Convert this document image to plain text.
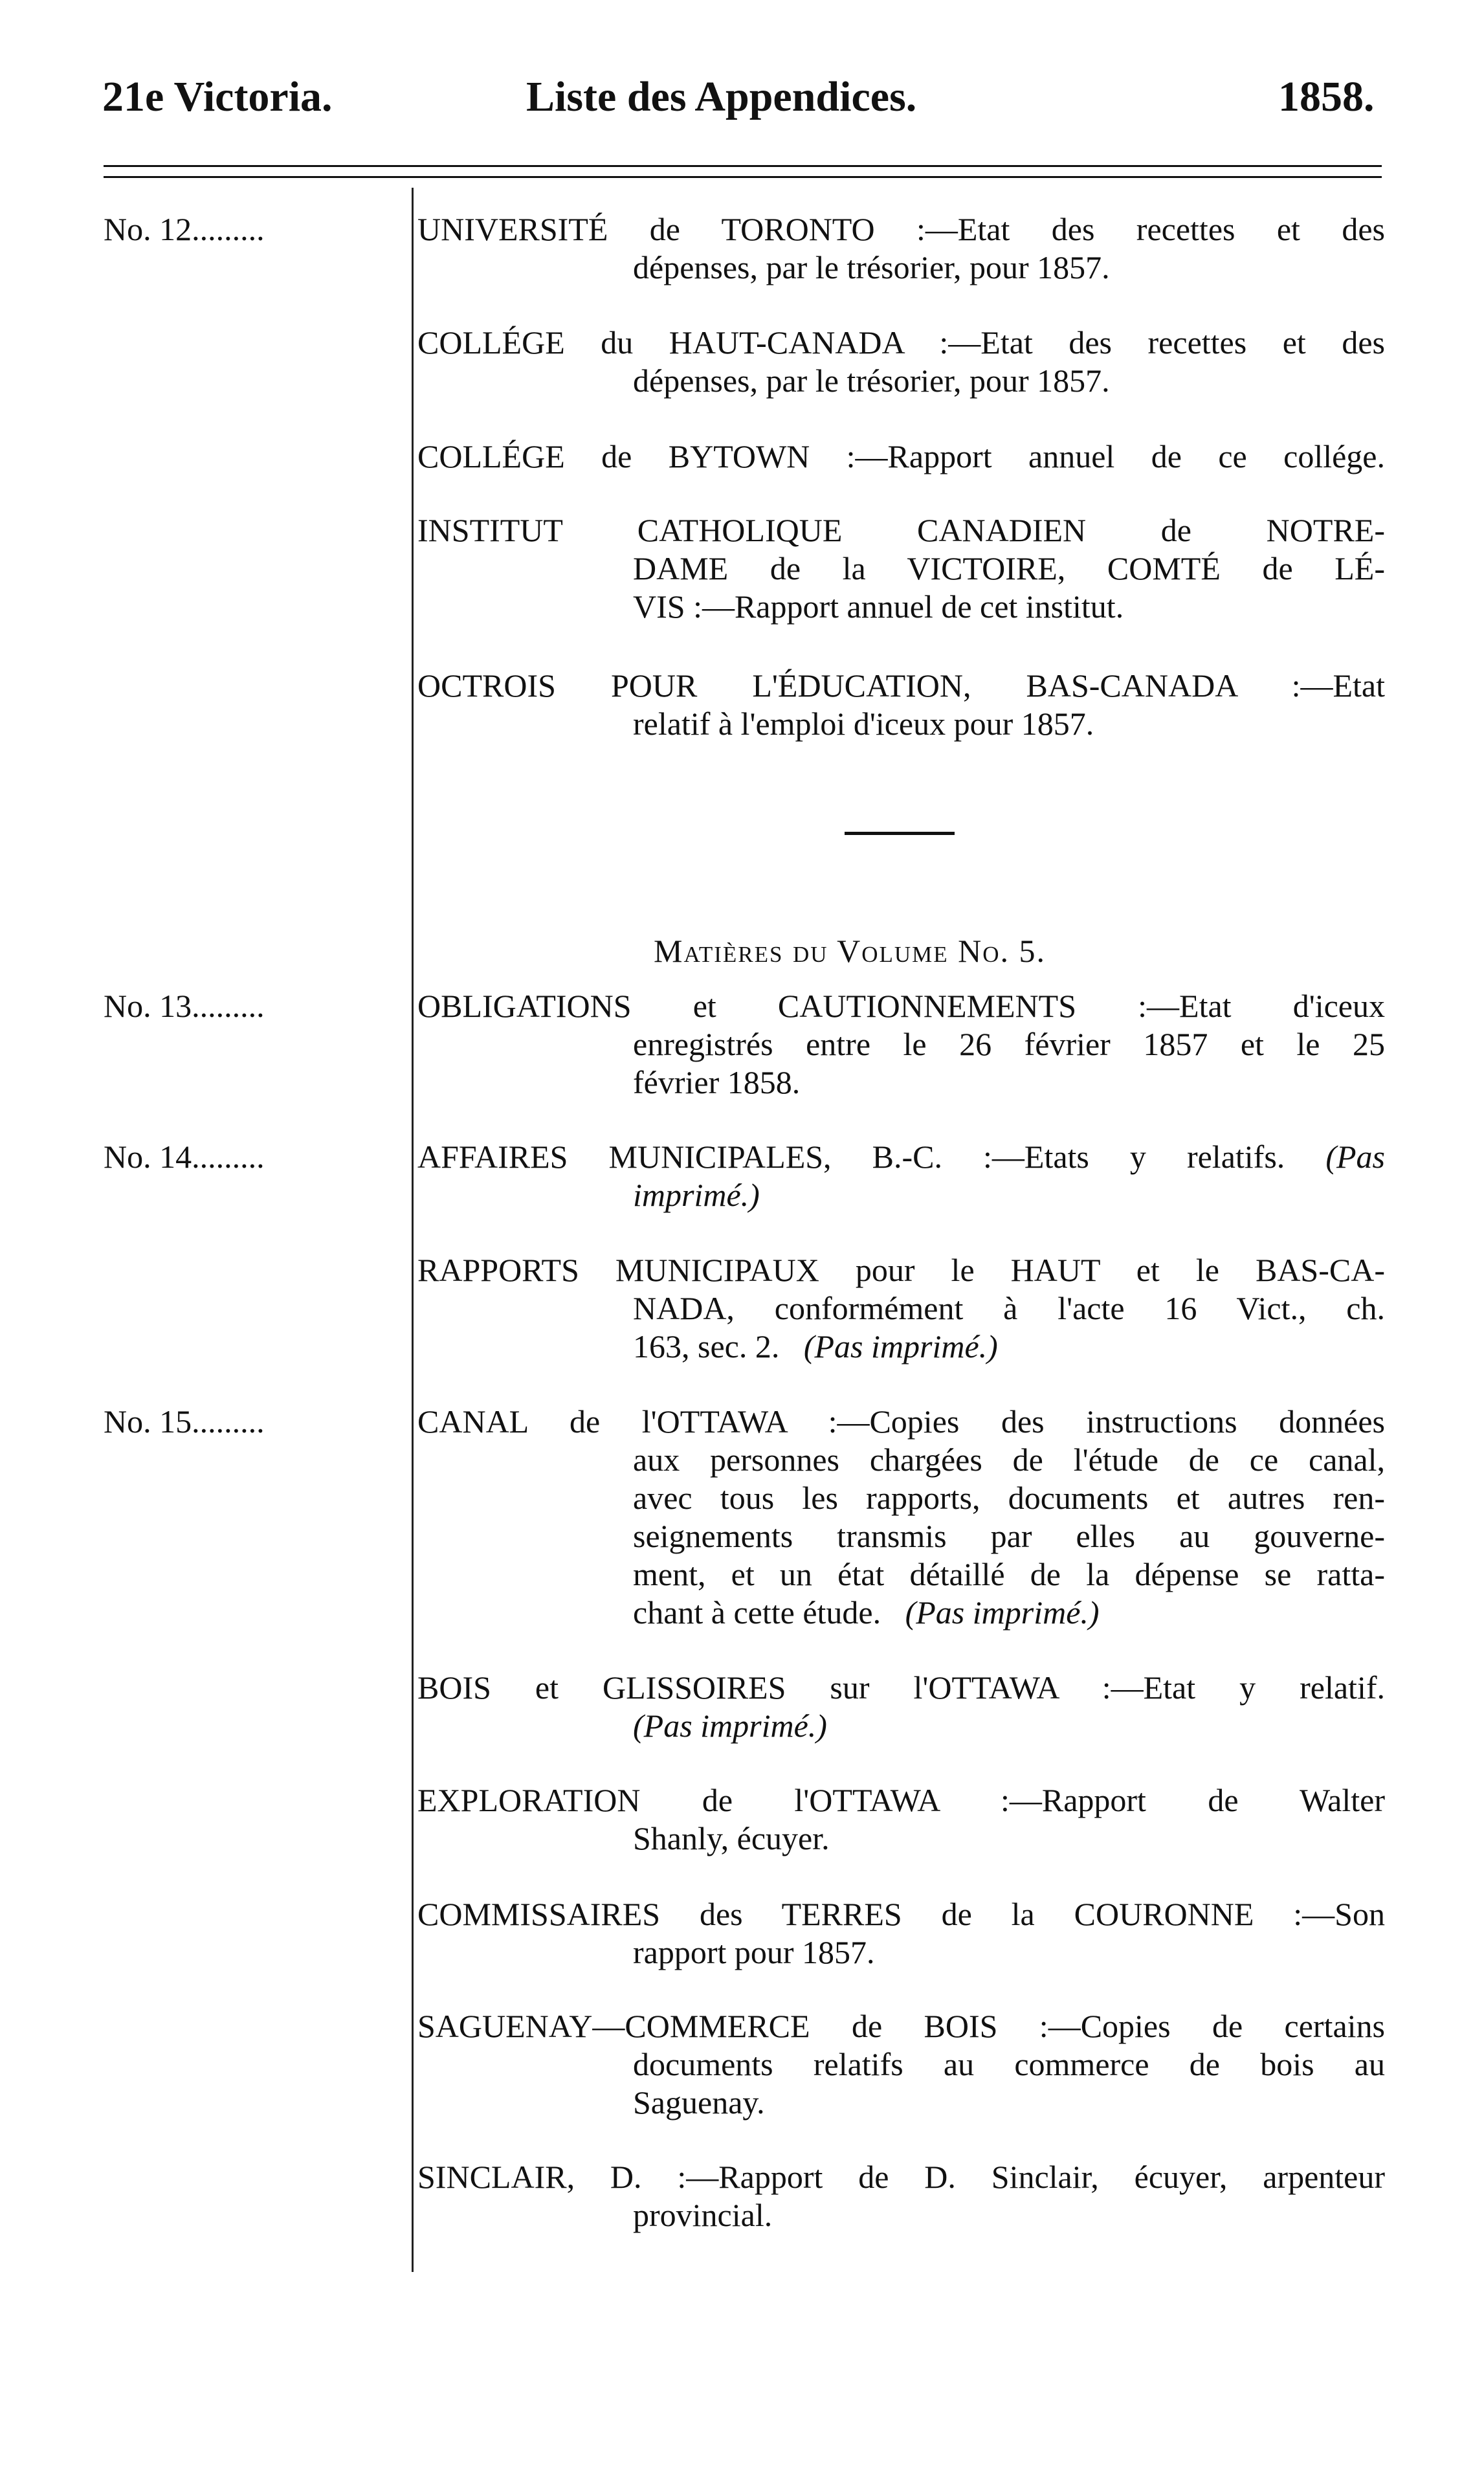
21e Victoria.	Liste des Appendices.	1858.
No. 12.........
No. 13.........
No. 14.........
No. 15.........
UNIVERSITÉ de TORONTO :—Etat des recettes et des
dépenses, par le trésorier, pour 1857.
COLLÉGE du HAUT-CANADA :—Etat des recettes et des
dépenses, par le trésorier, pour 1857.
COLLÉGE de BYTOWN :—Rapport annuel de ce collége.
INSTITUT CATHOLIQUE CANADIEN de NOTRE-
DAME de la VICTOIRE, COMTÉ de LÉ-
VIS :—Rapport annuel de cet institut.
OCTROIS POUR L'ÉDUCATION, BAS-CANADA :—Etat
relatif à l'emploi d'iceux pour 1857.
Matières du Volume No. 5.
OBLIGATIONS et CAUTIONNEMENTS :—Etat d'iceux
enregistrés entre le 26 février 1857 et le 25
février 1858.
AFFAIRES MUNICIPALES, B.-C. :—Etats y relatifs. (Pas
imprimé.)
RAPPORTS MUNICIPAUX pour le HAUT et le BAS-CA-
NADA, conformément à l'acte 16 Vict., ch.
163, sec. 2. (Pas imprimé.)
CANAL de l'OTTAWA :—Copies des instructions données
aux personnes chargées de l'étude de ce canal,
avec tous les rapports, documents et autres ren-
seignements transmis par elles au gouverne-
ment, et un état détaillé de la dépense se ratta-
chant à cette étude. (Pas imprimé.)
BOIS et GLISSOIRES sur l'OTTAWA :—Etat y relatif.
(Pas imprimé.)
EXPLORATION de l'OTTAWA :—Rapport de Walter
Shanly, écuyer.
COMMISSAIRES des TERRES de la COURONNE :—Son
rapport pour 1857.
SAGUENAY—COMMERCE de BOIS :—Copies de certains
documents relatifs au commerce de bois au
Saguenay.
SINCLAIR, D. :—Rapport de D. Sinclair, écuyer, arpenteur
provincial.
